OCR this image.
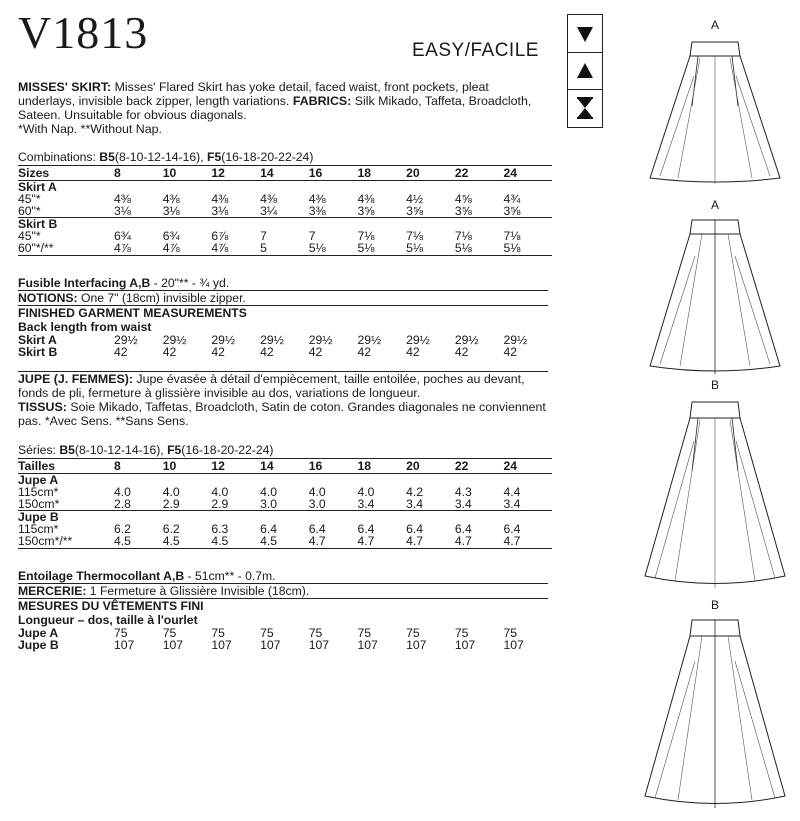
V1813	EASY/FACILE

MISSES' SKIRT: Misses' Flared Skirt has yoke detail, faced waist, front pockets, pleat underlays, invisible back zipper, length variations. FABRICS: Silk Mikado, Taffeta, Broadcloth, Sateen. Unsuitable for obvious diagonals.

*With Nap. **Without Nap.

Combinations: B5(8-10-12-14-16), F5(16-18-20-22-24)
Sizes	8	10	12	14	16	18	20	22	24
Skirt A									
45"*	4⅜	4⅜	4⅜	4⅜	4⅜	4⅜	4½	4⅝	4¾
60"*	3⅛	3⅛	3⅛	3¼	3⅜	3⅝	3⅝	3⅝	3⅝
Skirt B									
45"*	6¾	6¾	6⅞	7	7	7⅛	7⅛	7⅛	7⅛
60"*/**	4⅞	4⅞	4⅞	5	5⅛	5⅛	5⅛	5⅛	5⅛
Fusible Interfacing A,B - 20"** - ¾ yd.
NOTIONS: One 7" (18cm) invisible zipper.
FINISHED GARMENT MEASUREMENTS
Back length from waist
Skirt A	29½	29½	29½	29½	29½	29½	29½	29½	29½
Skirt B	42	42	42	42	42	42	42	42	42

JUPE (J. FEMMES): Jupe évasée à détail d'empiècement, taille entoilée, poches au devant, fonds de pli, fermeture à glissière invisible au dos, variations de longueur.

TISSUS: Soie Mikado, Taffetas, Broadcloth, Satin de coton. Grandes diagonales ne conviennent pas. *Avec Sens. **Sans Sens.

Séries: B5(8-10-12-14-16), F5(16-18-20-22-24)
Tailles	8	10	12	14	16	18	20	22	24
Jupe A									
115cm*	4.0	4.0	4.0	4.0	4.0	4.0	4.2	4.3	4.4
150cm*	2.8	2.9	2.9	3.0	3.0	3.4	3.4	3.4	3.4
Jupe B									
115cm*	6.2	6.2	6.3	6.4	6.4	6.4	6.4	6.4	6.4
150cm*/**	4.5	4.5	4.5	4.5	4.7	4.7	4.7	4.7	4.7
Entoilage Thermocollant A,B - 51cm** - 0.7m.
MERCERIE: 1 Fermeture à Glissière Invisible (18cm).
MESURES DU VÊTEMENTS FINI
Longueur – dos, taille à l'ourlet
Jupe A	75	75	75	75	75	75	75	75	75
Jupe B	107	107	107	107	107	107	107	107	107
A
A
B
B
